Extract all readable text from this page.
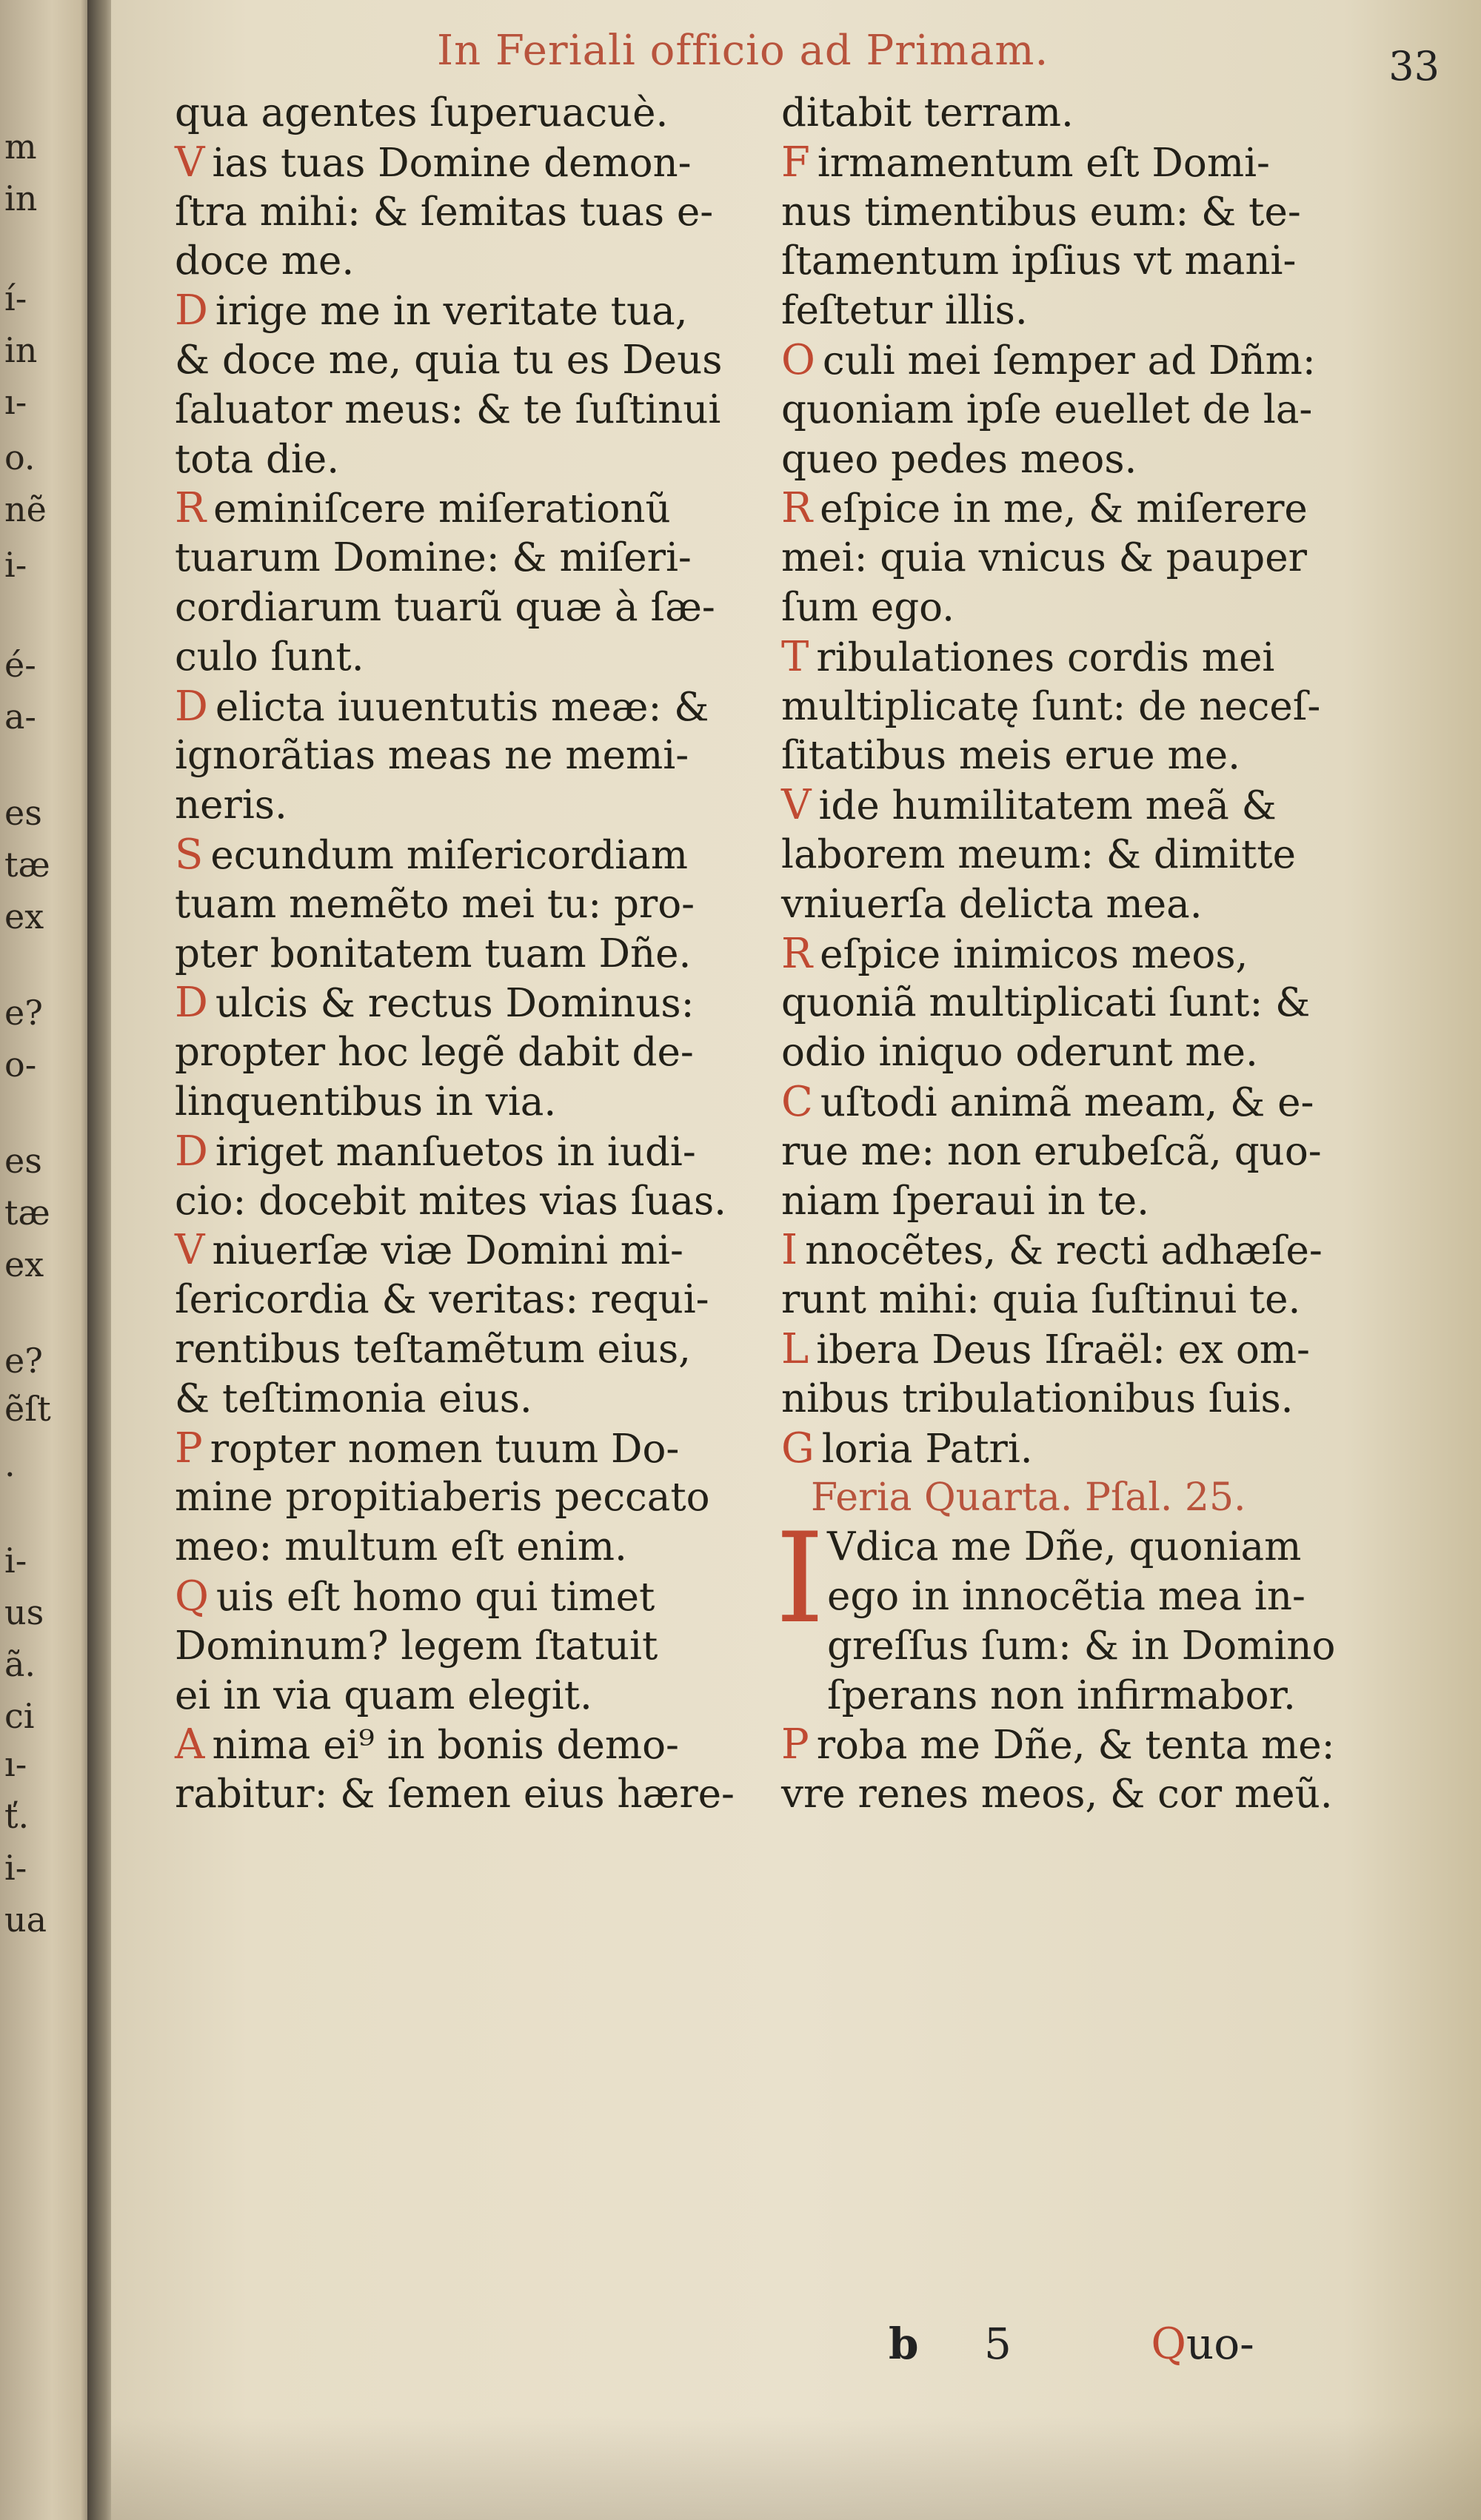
m
in
í-
in
ı-
o.
nẽ
i-
é-
a-
es
tæ
ex
e?
o-
es
tæ
ex
e?
ẽſt
.
i-
us
ã.
ci
ı-
ť.
i-
ua
In Feriali officio ad Primam.	33
qua agentes ſuperuacuè.
V ias tuas Domine demon-
ſtra mihi: & ſemitas tuas e-
doce me.
D irige me in veritate tua,
& doce me, quia tu es Deus
ſaluator meus: & te ſuſtinui
tota die.
R eminiſcere miſerationũ
tuarum Domine: & miſeri-
cordiarum tuarũ quæ à ſæ-
culo ſunt.
D elicta iuuentutis meæ: &
ignorãtias meas ne memi-
neris.
S ecundum miſericordiam
tuam memẽto mei tu: pro-
pter bonitatem tuam Dñe.
D ulcis & rectus Dominus:
propter hoc legẽ dabit de-
linquentibus in via.
D iriget manſuetos in iudi-
cio: docebit mites vias ſuas.
V niuerſæ viæ Domini mi-
ſericordia & veritas: requi-
rentibus teſtamẽtum eius,
& teſtimonia eius.
P ropter nomen tuum Do-
mine propitiaberis peccato
meo: multum eſt enim.
Q uis eſt homo qui timet
Dominum? legem ſtatuit
ei in via quam elegit.
A nima ei⁹ in bonis demo-
rabitur: & ſemen eius hære-
ditabit terram.
F irmamentum eſt Domi-
nus timentibus eum: & te-
ſtamentum ipſius vt mani-
feſtetur illis.
O culi mei ſemper ad Dñm:
quoniam ipſe euellet de la-
queo pedes meos.
R eſpice in me, & miſerere
mei: quia vnicus & pauper
ſum ego.
T ribulationes cordis mei
multiplicatę ſunt: de neceſ-
ſitatibus meis erue me.
V ide humilitatem meã &
laborem meum: & dimitte
vniuerſa delicta mea.
R eſpice inimicos meos,
quoniã multiplicati ſunt: &
odio iniquo oderunt me.
C uſtodi animã meam, & e-
rue me: non erubeſcã, quo-
niam ſperaui in te.
I nnocẽtes, & recti adhæſe-
runt mihi: quia ſuſtinui te.
L ibera Deus Iſraël: ex om-
nibus tribulationibus ſuis.
G loria Patri.
Feria Quarta. Pſal. 25.
I Vdica me Dñe, quoniam
ego in innocẽtia mea in-
greſſus ſum: & in Domino
ſperans non infirmabor.
P roba me Dñe, & tenta me:
vre renes meos, & cor meũ.
b 5	Quo-
